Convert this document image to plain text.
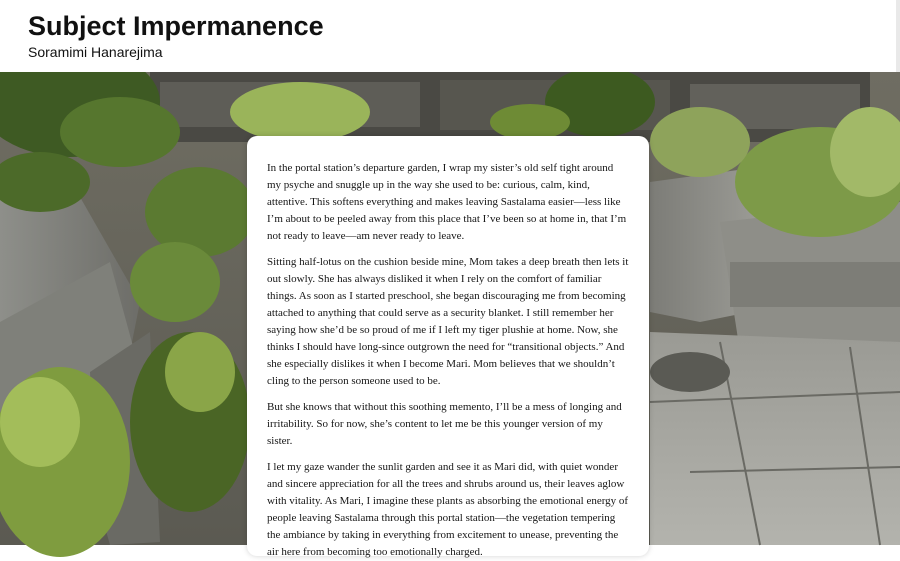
Subject Impermanence

Soramimi Hanarejima

In the portal station’s departure garden, I wrap my sister’s old self tight around my psyche and snuggle up in the way she used to be: curious, calm, kind, attentive. This softens everything and makes leaving Sastalama easier—less like I’m about to be peeled away from this place that I’ve been so at home in, that I’m not ready to leave—am never ready to leave.

Sitting half-lotus on the cushion beside mine, Mom takes a deep breath then lets it out slowly. She has always disliked it when I rely on the comfort of familiar things. As soon as I started preschool, she began discouraging me from becoming attached to anything that could serve as a security blanket. I still remember her saying how she’d be so proud of me if I left my tiger plushie at home. Now, she thinks I should have long-since outgrown the need for “transitional objects.” And she especially dislikes it when I become Mari. Mom believes that we shouldn’t cling to the person someone used to be.

But she knows that without this soothing memento, I’ll be a mess of longing and irritability. So for now, she’s content to let me be this younger version of my sister.

I let my gaze wander the sunlit garden and see it as Mari did, with quiet wonder and sincere appreciation for all the trees and shrubs around us, their leaves aglow with vitality. As Mari, I imagine these plants as absorbing the emotional energy of people leaving Sastalama through this portal station—the vegetation tempering the ambiance by taking in everything from excitement to unease, preventing the air here from becoming too emotionally charged.
